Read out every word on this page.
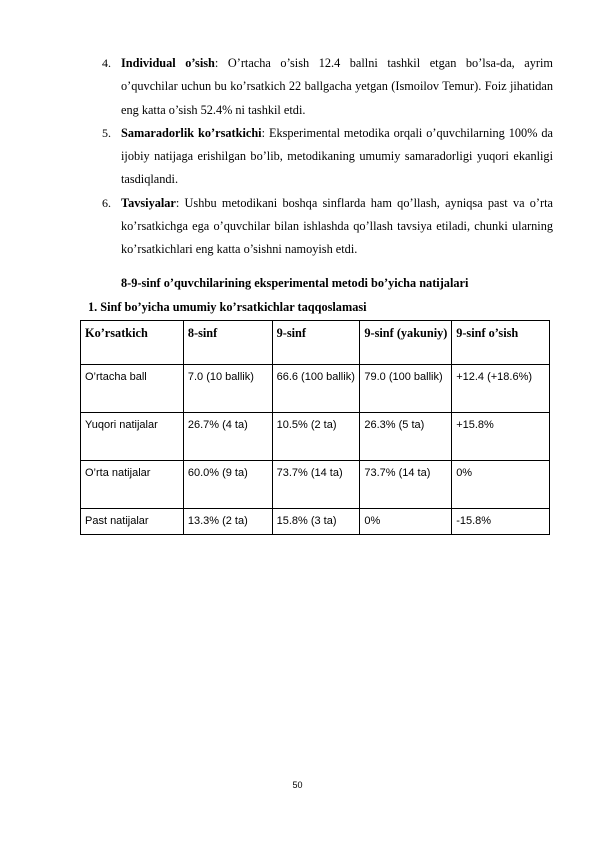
4. Individual o’sish: O’rtacha o’sish 12.4 ballni tashkil etgan bo’lsa-da, ayrim o’quvchilar uchun bu ko’rsatkich 22 ballgacha yetgan (Ismoilov Temur). Foiz jihatidan eng katta o’sish 52.4% ni tashkil etdi.

5. Samaradorlik ko’rsatkichi: Eksperimental metodika orqali o’quvchilarning 100% da ijobiy natijaga erishilgan bo’lib, metodikaning umumiy samaradorligi yuqori ekanligi tasdiqlandi.

6. Tavsiyalar: Ushbu metodikani boshqa sinflarda ham qo’llash, ayniqsa past va o’rta ko’rsatkichga ega o’quvchilar bilan ishlashda qo’llash tavsiya etiladi, chunki ularning ko’rsatkichlari eng katta o’sishni namoyish etdi.

8-9-sinf o’quvchilarining eksperimental metodi bo’yicha natijalari
1. Sinf bo’yicha umumiy ko’rsatkichlar taqqoslamasi
Ko’rsatkich	8-sinf	9-sinf	9-sinf (yakuniy)	9-sinf o’sish
O’rtacha ball	7.0 (10 ballik)	66.6 (100 ballik)	79.0 (100 ballik)	+12.4 (+18.6%)
Yuqori natijalar	26.7% (4 ta)	10.5% (2 ta)	26.3% (5 ta)	+15.8%
O’rta natijalar	60.0% (9 ta)	73.7% (14 ta)	73.7% (14 ta)	0%
Past natijalar	13.3% (2 ta)	15.8% (3 ta)	0%	-15.8%
50
